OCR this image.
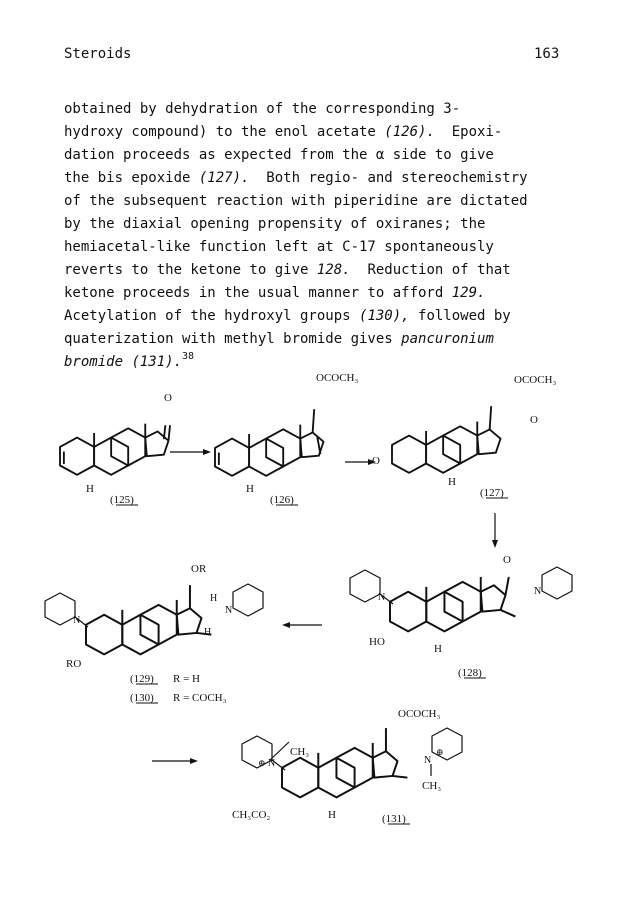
Steroids	163
obtained by dehydration of the corresponding 3-
hydroxy compound) to the enol acetate (126).  Epoxi-
dation proceeds as expected from the α side to give
the bis epoxide (127).  Both regio- and stereochemistry
of the subsequent reaction with piperidine are dictated
by the diaxial opening propensity of oxiranes; the
hemiacetal-like function left at C-17 spontaneously
reverts to the ketone to give 128.  Reduction of that
ketone proceeds in the usual manner to afford 129.
Acetylation of the hydroxyl groups (130), followed by
quaterization with methyl bromide gives pancuronium
bromide (131).$^{38}$
O
H
(125)
OCOCH₃
H
(126)
OCOCH₃
O
O
H
(127)
O
N
N
HO
H
(128)
OR
H
N
N
H
RO
(129) R = H
(130) R = COCH₃
OCOCH₃
⊕ N
CH₃	⊕
N
CH₃
CH₃CO₂	H	(131)
